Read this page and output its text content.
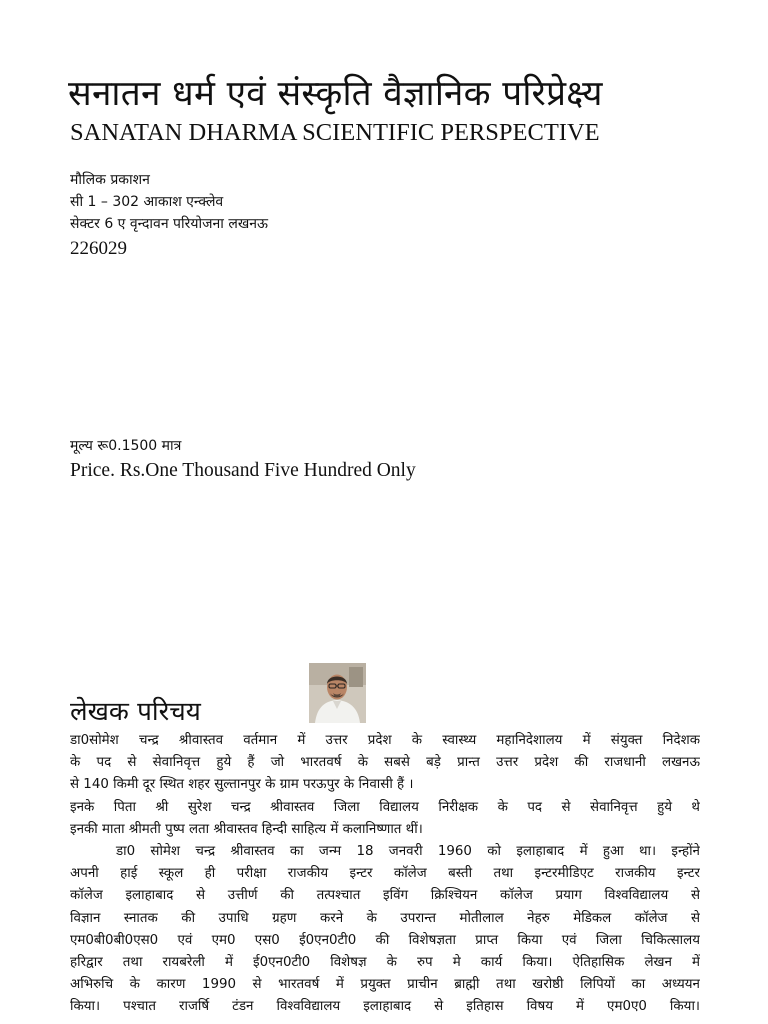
सनातन धर्म एवं संस्कृति वैज्ञानिक परिप्रेक्ष्य
SANATAN DHARMA SCIENTIFIC PERSPECTIVE
मौलिक प्रकाशन
सी 1 – 302 आकाश एन्क्लेव
सेक्टर 6 ए वृन्दावन परियोजना लखनऊ
226029
मूल्य रू0.1500 मात्र
Price. Rs.One Thousand Five Hundred Only
लेखक परिचय
डा0सोमेश चन्द्र श्रीवास्तव वर्तमान में उत्तर प्रदेश के स्वास्थ्य महानिदेशालय में संयुक्त निदेशक
के पद से सेवानिवृत्त हुये हैं जो भारतवर्ष के सबसे बड़े प्रान्त उत्तर प्रदेश की राजधानी लखनऊ
से 140 किमी दूर स्थित शहर सुल्तानपुर के ग्राम परऊपुर के निवासी हैं ।
इनके पिता श्री सुरेश चन्द्र श्रीवास्तव जिला विद्यालय निरीक्षक के पद से सेवानिवृत्त हुये थे
इनकी माता श्रीमती पुष्प लता श्रीवास्तव हिन्दी साहित्य में कलानिष्णात थीं।
डा0 सोमेश चन्द्र श्रीवास्तव का जन्म 18 जनवरी 1960 को इलाहाबाद में हुआ था। इन्होंने
अपनी हाई स्कूल ही परीक्षा राजकीय इन्टर कॉलेज बस्ती तथा इन्टरमीडिएट राजकीय इन्टर
कॉलेज इलाहाबाद से उत्तीर्ण की तत्पश्चात इविंग क्रिश्चियन कॉलेज प्रयाग विश्वविद्यालय से
विज्ञान स्नातक की उपाधि ग्रहण करने के उपरान्त मोतीलाल नेहरु मेडिकल कॉलेज से
एम0बी0बी0एस0 एवं एम0 एस0 ई0एन0टी0 की विशेषज्ञता प्राप्त किया एवं जिला चिकित्सालय
हरिद्वार तथा रायबरेली में ई0एन0टी0 विशेषज्ञ के रुप मे कार्य किया। ऐतिहासिक लेखन में
अभिरुचि के कारण 1990 से भारतवर्ष में प्रयुक्त प्राचीन ब्राह्मी तथा खरोष्ठी लिपियों का अध्ययन
किया। पश्चात राजर्षि टंडन विश्वविद्यालय इलाहाबाद से इतिहास विषय में एम0ए0 किया।
